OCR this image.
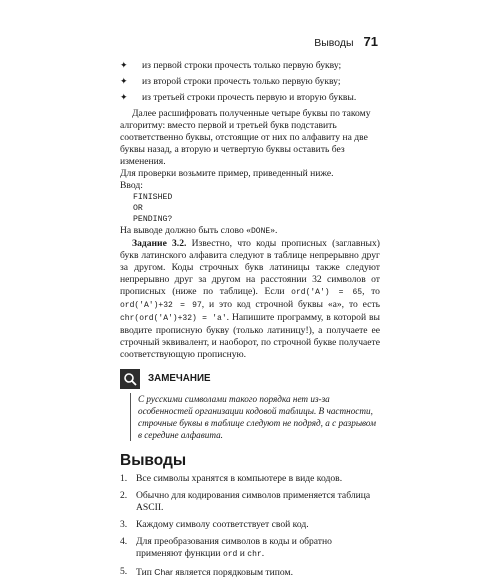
Выводы 71
✦ из первой строки прочесть только первую букву;
✦ из второй строки прочесть только первую букву;
✦ из третьей строки прочесть первую и вторую буквы.

Далее расшифровать полученные четыре буквы по такому алгоритму: вместо первой и третьей букв подставить соответственно буквы, отстоящие от них по алфавиту на две буквы назад, а вторую и четвертую буквы оставить без изменения.

Для проверки возьмите пример, приведенный ниже.

Ввод:

FINISHED
OR
PENDING?

На выводе должно быть слово «DONE».

Задание 3.2. Известно, что коды прописных (заглавных) букв латинского алфавита следуют в таблице непрерывно друг за другом. Коды строчных букв латиницы также следуют непрерывно друг за другом на расстоянии 32 символов от прописных (ниже по таблице). Если ord('A') = 65, то ord('A')+32 = 97, и это код строчной буквы «a», то есть chr(ord('A')+32) = 'a'. Напишите программу, в которой вы вводите прописную букву (только латиницу!), а получаете ее строчный эквивалент, и наоборот, по строчной букве получаете соответствующую прописную.

ЗАМЕЧАНИЕ
С русскими символами такого порядка нет из-за особенностей организации кодовой таблицы. В частности, строчные буквы в таблице следуют не подряд, а с разрывом в середине алфавита.
Выводы
1. Все символы хранятся в компьютере в виде кодов.
2. Обычно для кодирования символов применяется таблица ASCII.
3. Каждому символу соответствует свой код.
4. Для преобразования символов в коды и обратно применяют функции ord и chr.
5. Тип Char является порядковым типом.
